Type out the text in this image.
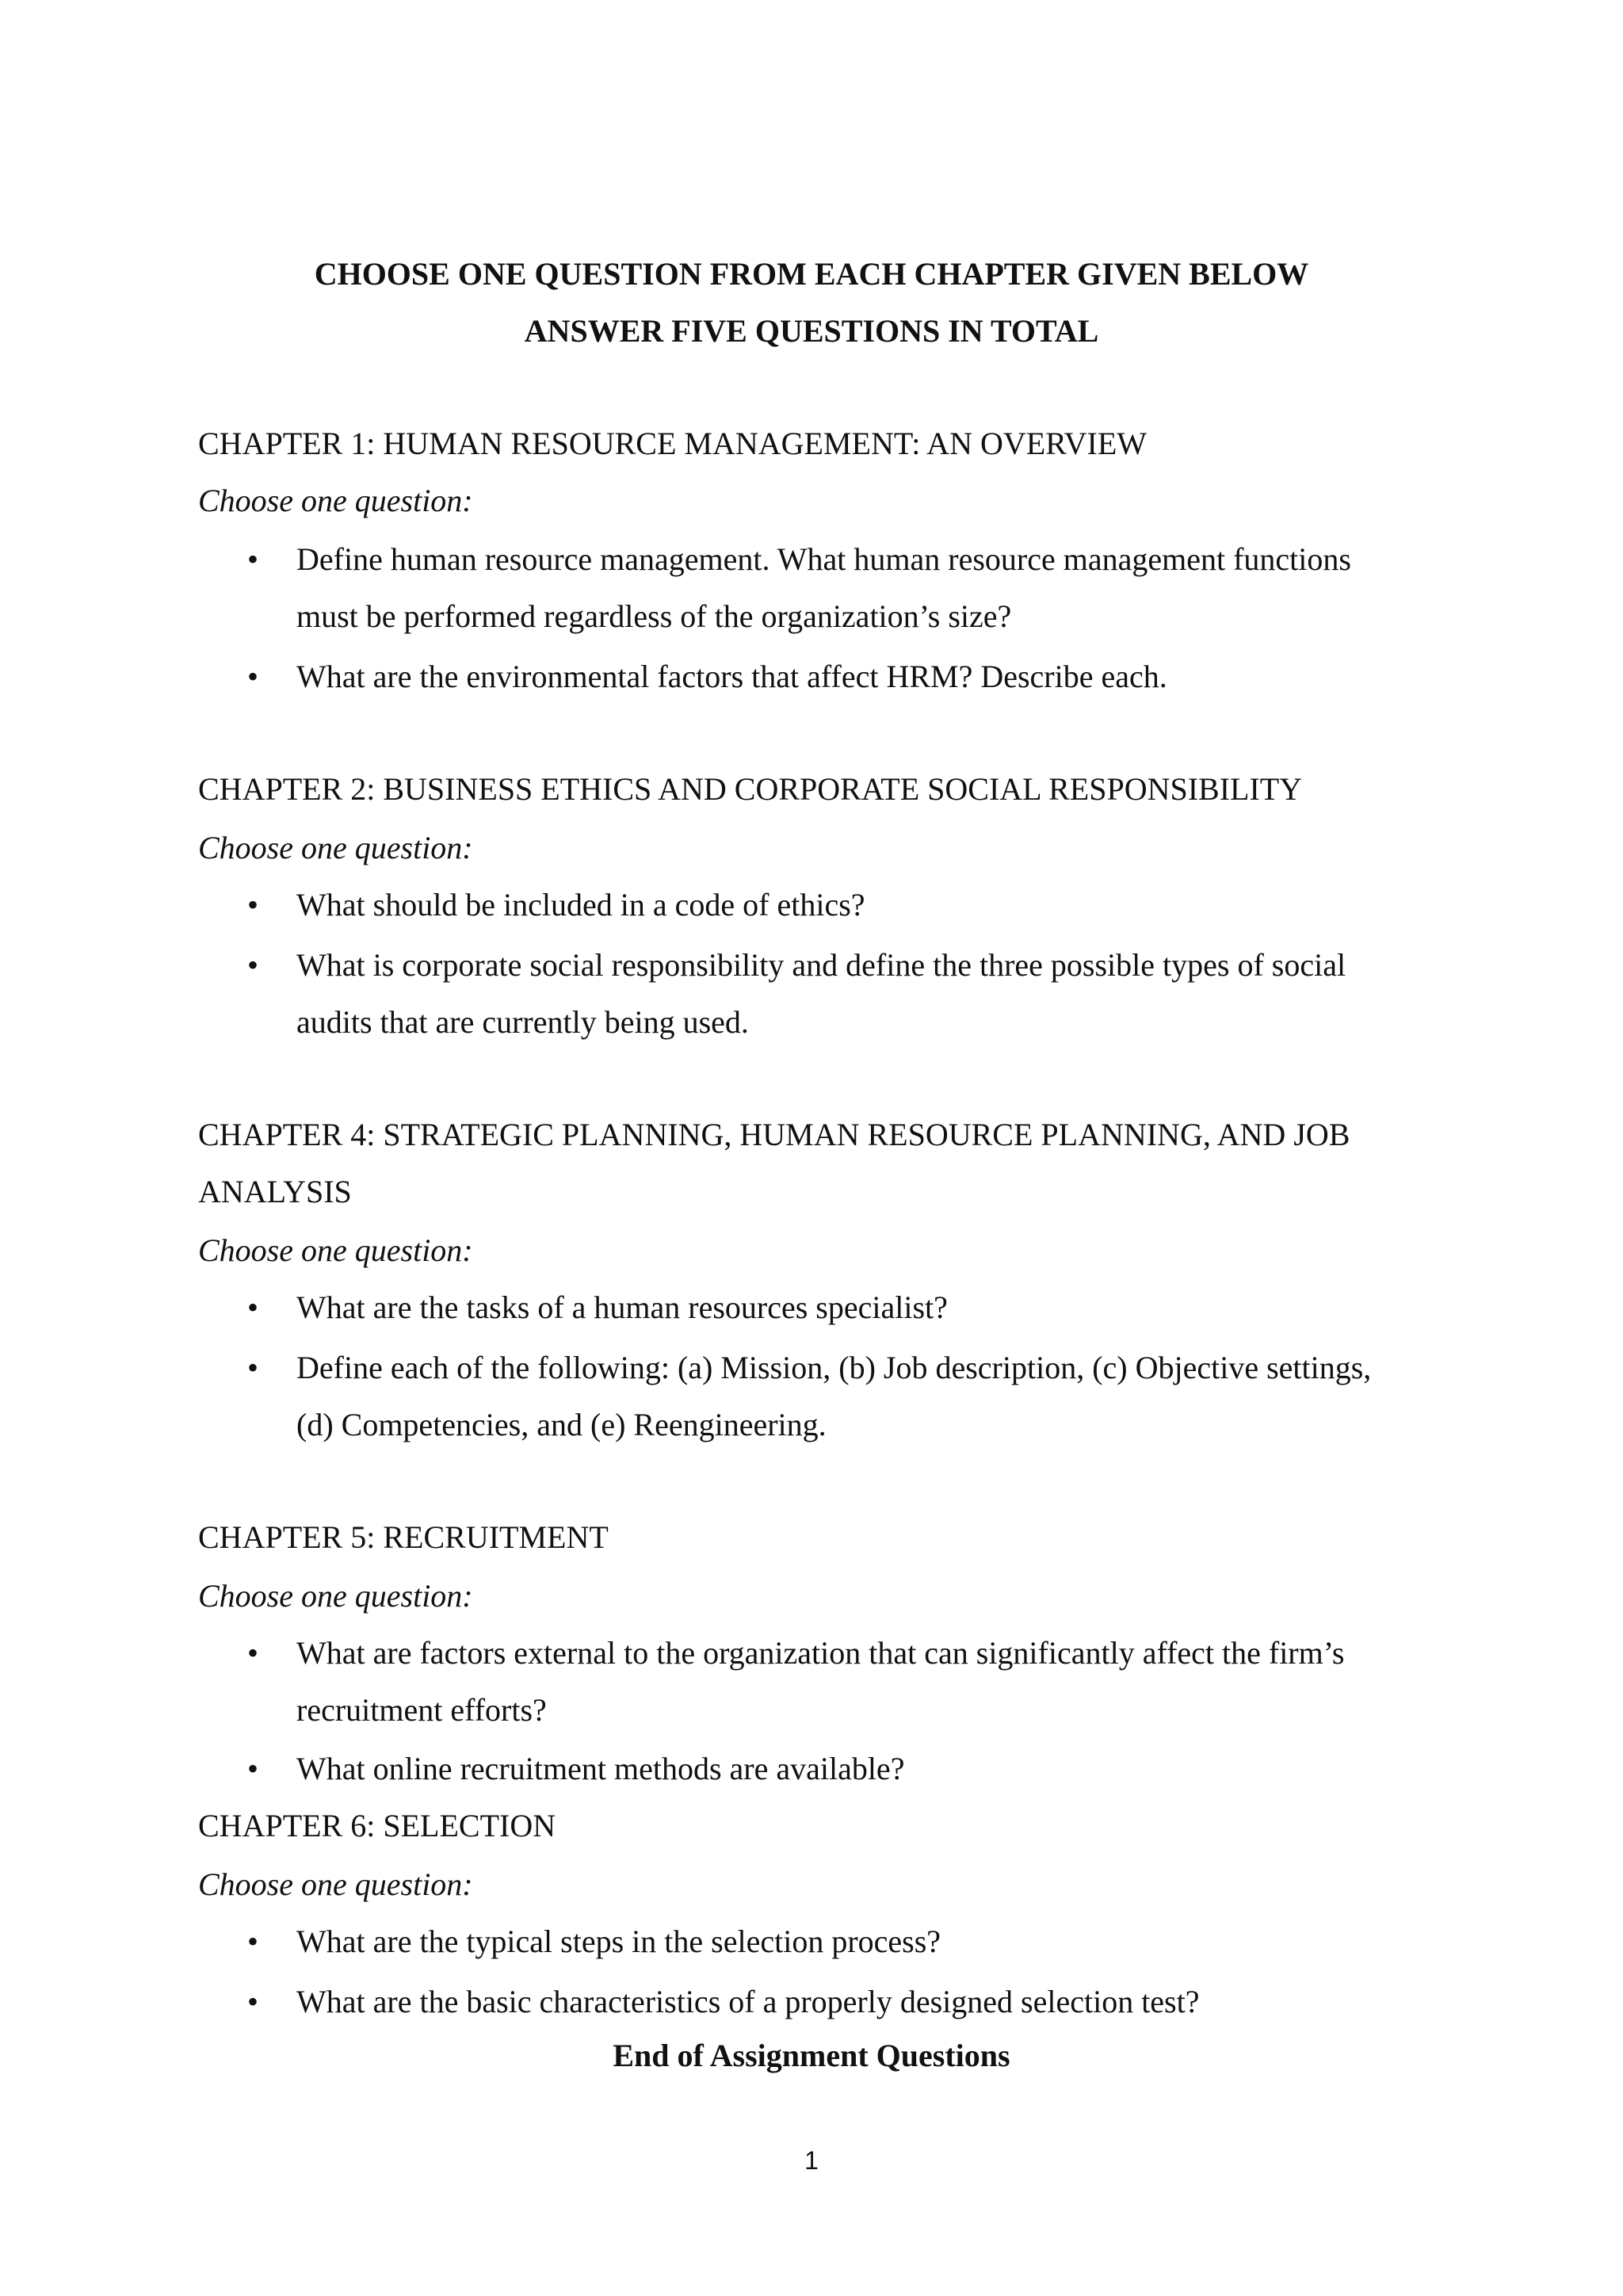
CHOOSE ONE QUESTION FROM EACH CHAPTER GIVEN BELOW
ANSWER FIVE QUESTIONS IN TOTAL
CHAPTER 1: HUMAN RESOURCE MANAGEMENT: AN OVERVIEW
Choose one question:
• Define human resource management. What human resource management functions
must be performed regardless of the organization’s size?
• What are the environmental factors that affect HRM? Describe each.
CHAPTER 2: BUSINESS ETHICS AND CORPORATE SOCIAL RESPONSIBILITY
Choose one question:
• What should be included in a code of ethics?
• What is corporate social responsibility and define the three possible types of social
audits that are currently being used.
CHAPTER 4: STRATEGIC PLANNING, HUMAN RESOURCE PLANNING, AND JOB
ANALYSIS
Choose one question:
• What are the tasks of a human resources specialist?
• Define each of the following: (a) Mission, (b) Job description, (c) Objective settings,
(d) Competencies, and (e) Reengineering.
CHAPTER 5: RECRUITMENT
Choose one question:
• What are factors external to the organization that can significantly affect the firm’s
recruitment efforts?
• What online recruitment methods are available?
CHAPTER 6: SELECTION
Choose one question:
• What are the typical steps in the selection process?
• What are the basic characteristics of a properly designed selection test?
End of Assignment Questions
1
